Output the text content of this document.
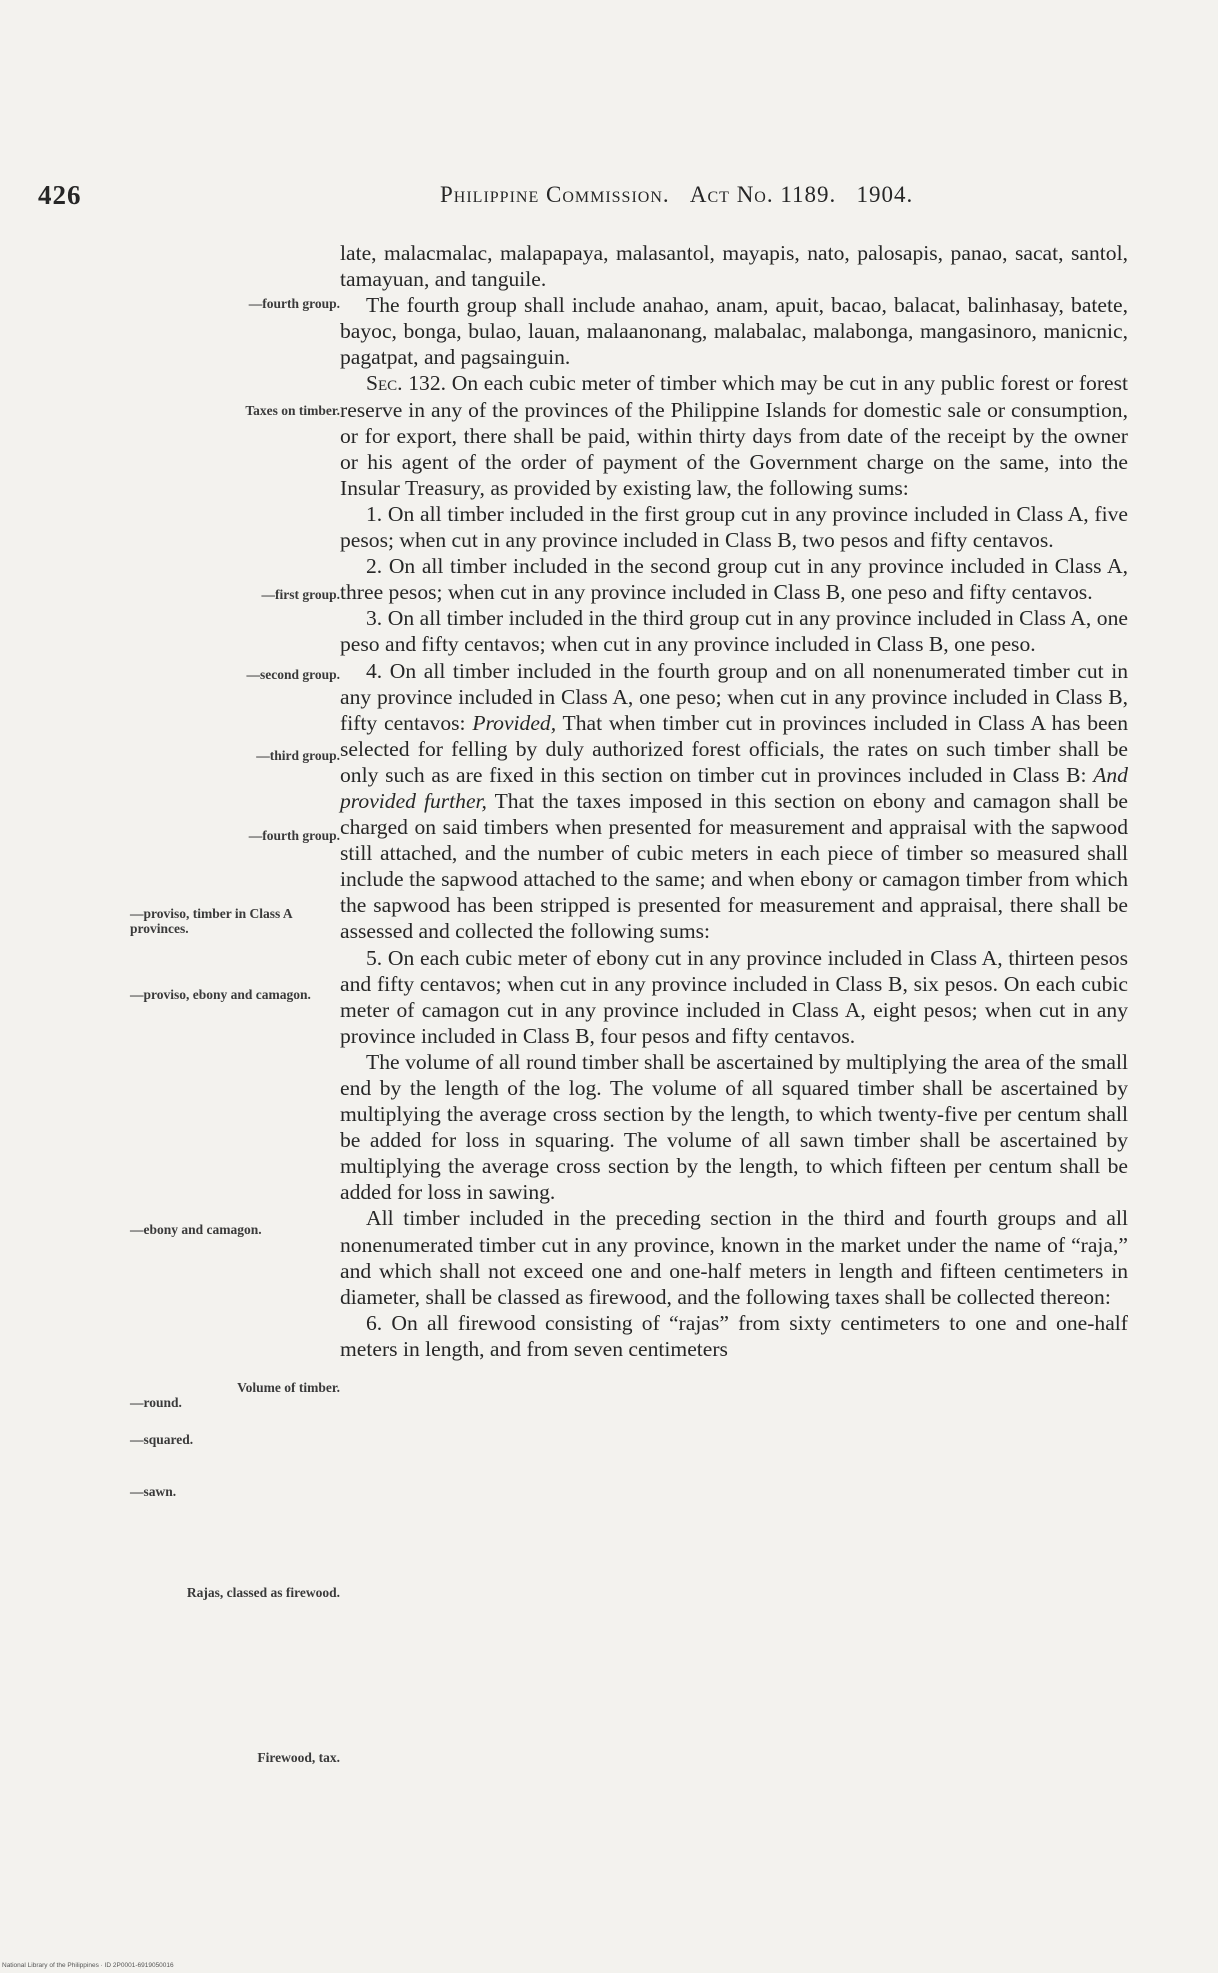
426	Philippine Commission. Act No. 1189. 1904.
—fourth group.
Taxes on timber.
—first group.
—second group.
—third group.
—fourth group.
—proviso, timber in Class A provinces.
—proviso, ebony and camagon.
—ebony and camagon.
Volume of timber.
—round.
—squared.
—sawn.
Rajas, classed as firewood.
Firewood, tax.

late, malacmalac, malapapaya, malasantol, mayapis, nato, palosapis, panao, sacat, santol, tamayuan, and tanguile.

The fourth group shall include anahao, anam, apuit, bacao, balacat, balinhasay, batete, bayoc, bonga, bulao, lauan, malaanonang, malabalac, malabonga, mangasinoro, manicnic, pagatpat, and pagsainguin.

Sec. 132. On each cubic meter of timber which may be cut in any public forest or forest reserve in any of the provinces of the Philippine Islands for domestic sale or consumption, or for export, there shall be paid, within thirty days from date of the receipt by the owner or his agent of the order of payment of the Government charge on the same, into the Insular Treasury, as provided by existing law, the following sums:

1. On all timber included in the first group cut in any province included in Class A, five pesos; when cut in any province included in Class B, two pesos and fifty centavos.

2. On all timber included in the second group cut in any province included in Class A, three pesos; when cut in any province included in Class B, one peso and fifty centavos.

3. On all timber included in the third group cut in any province included in Class A, one peso and fifty centavos; when cut in any province included in Class B, one peso.

4. On all timber included in the fourth group and on all nonenumerated timber cut in any province included in Class A, one peso; when cut in any province included in Class B, fifty centavos: Provided, That when timber cut in provinces included in Class A has been selected for felling by duly authorized forest officials, the rates on such timber shall be only such as are fixed in this section on timber cut in provinces included in Class B: And provided further, That the taxes imposed in this section on ebony and camagon shall be charged on said timbers when presented for measurement and appraisal with the sapwood still attached, and the number of cubic meters in each piece of timber so measured shall include the sapwood attached to the same; and when ebony or camagon timber from which the sapwood has been stripped is presented for measurement and appraisal, there shall be assessed and collected the following sums:

5. On each cubic meter of ebony cut in any province included in Class A, thirteen pesos and fifty centavos; when cut in any province included in Class B, six pesos. On each cubic meter of camagon cut in any province included in Class A, eight pesos; when cut in any province included in Class B, four pesos and fifty centavos.

The volume of all round timber shall be ascertained by multiplying the area of the small end by the length of the log. The volume of all squared timber shall be ascertained by multiplying the average cross section by the length, to which twenty-five per centum shall be added for loss in squaring. The volume of all sawn timber shall be ascertained by multiplying the average cross section by the length, to which fifteen per centum shall be added for loss in sawing.

All timber included in the preceding section in the third and fourth groups and all nonenumerated timber cut in any province, known in the market under the name of “raja,” and which shall not exceed one and one-half meters in length and fifteen centimeters in diameter, shall be classed as firewood, and the following taxes shall be collected thereon:

6. On all firewood consisting of “rajas” from sixty centimeters to one and one-half meters in length, and from seven centimeters

National Library of the Philippines · ID 2P0001-6919050016
